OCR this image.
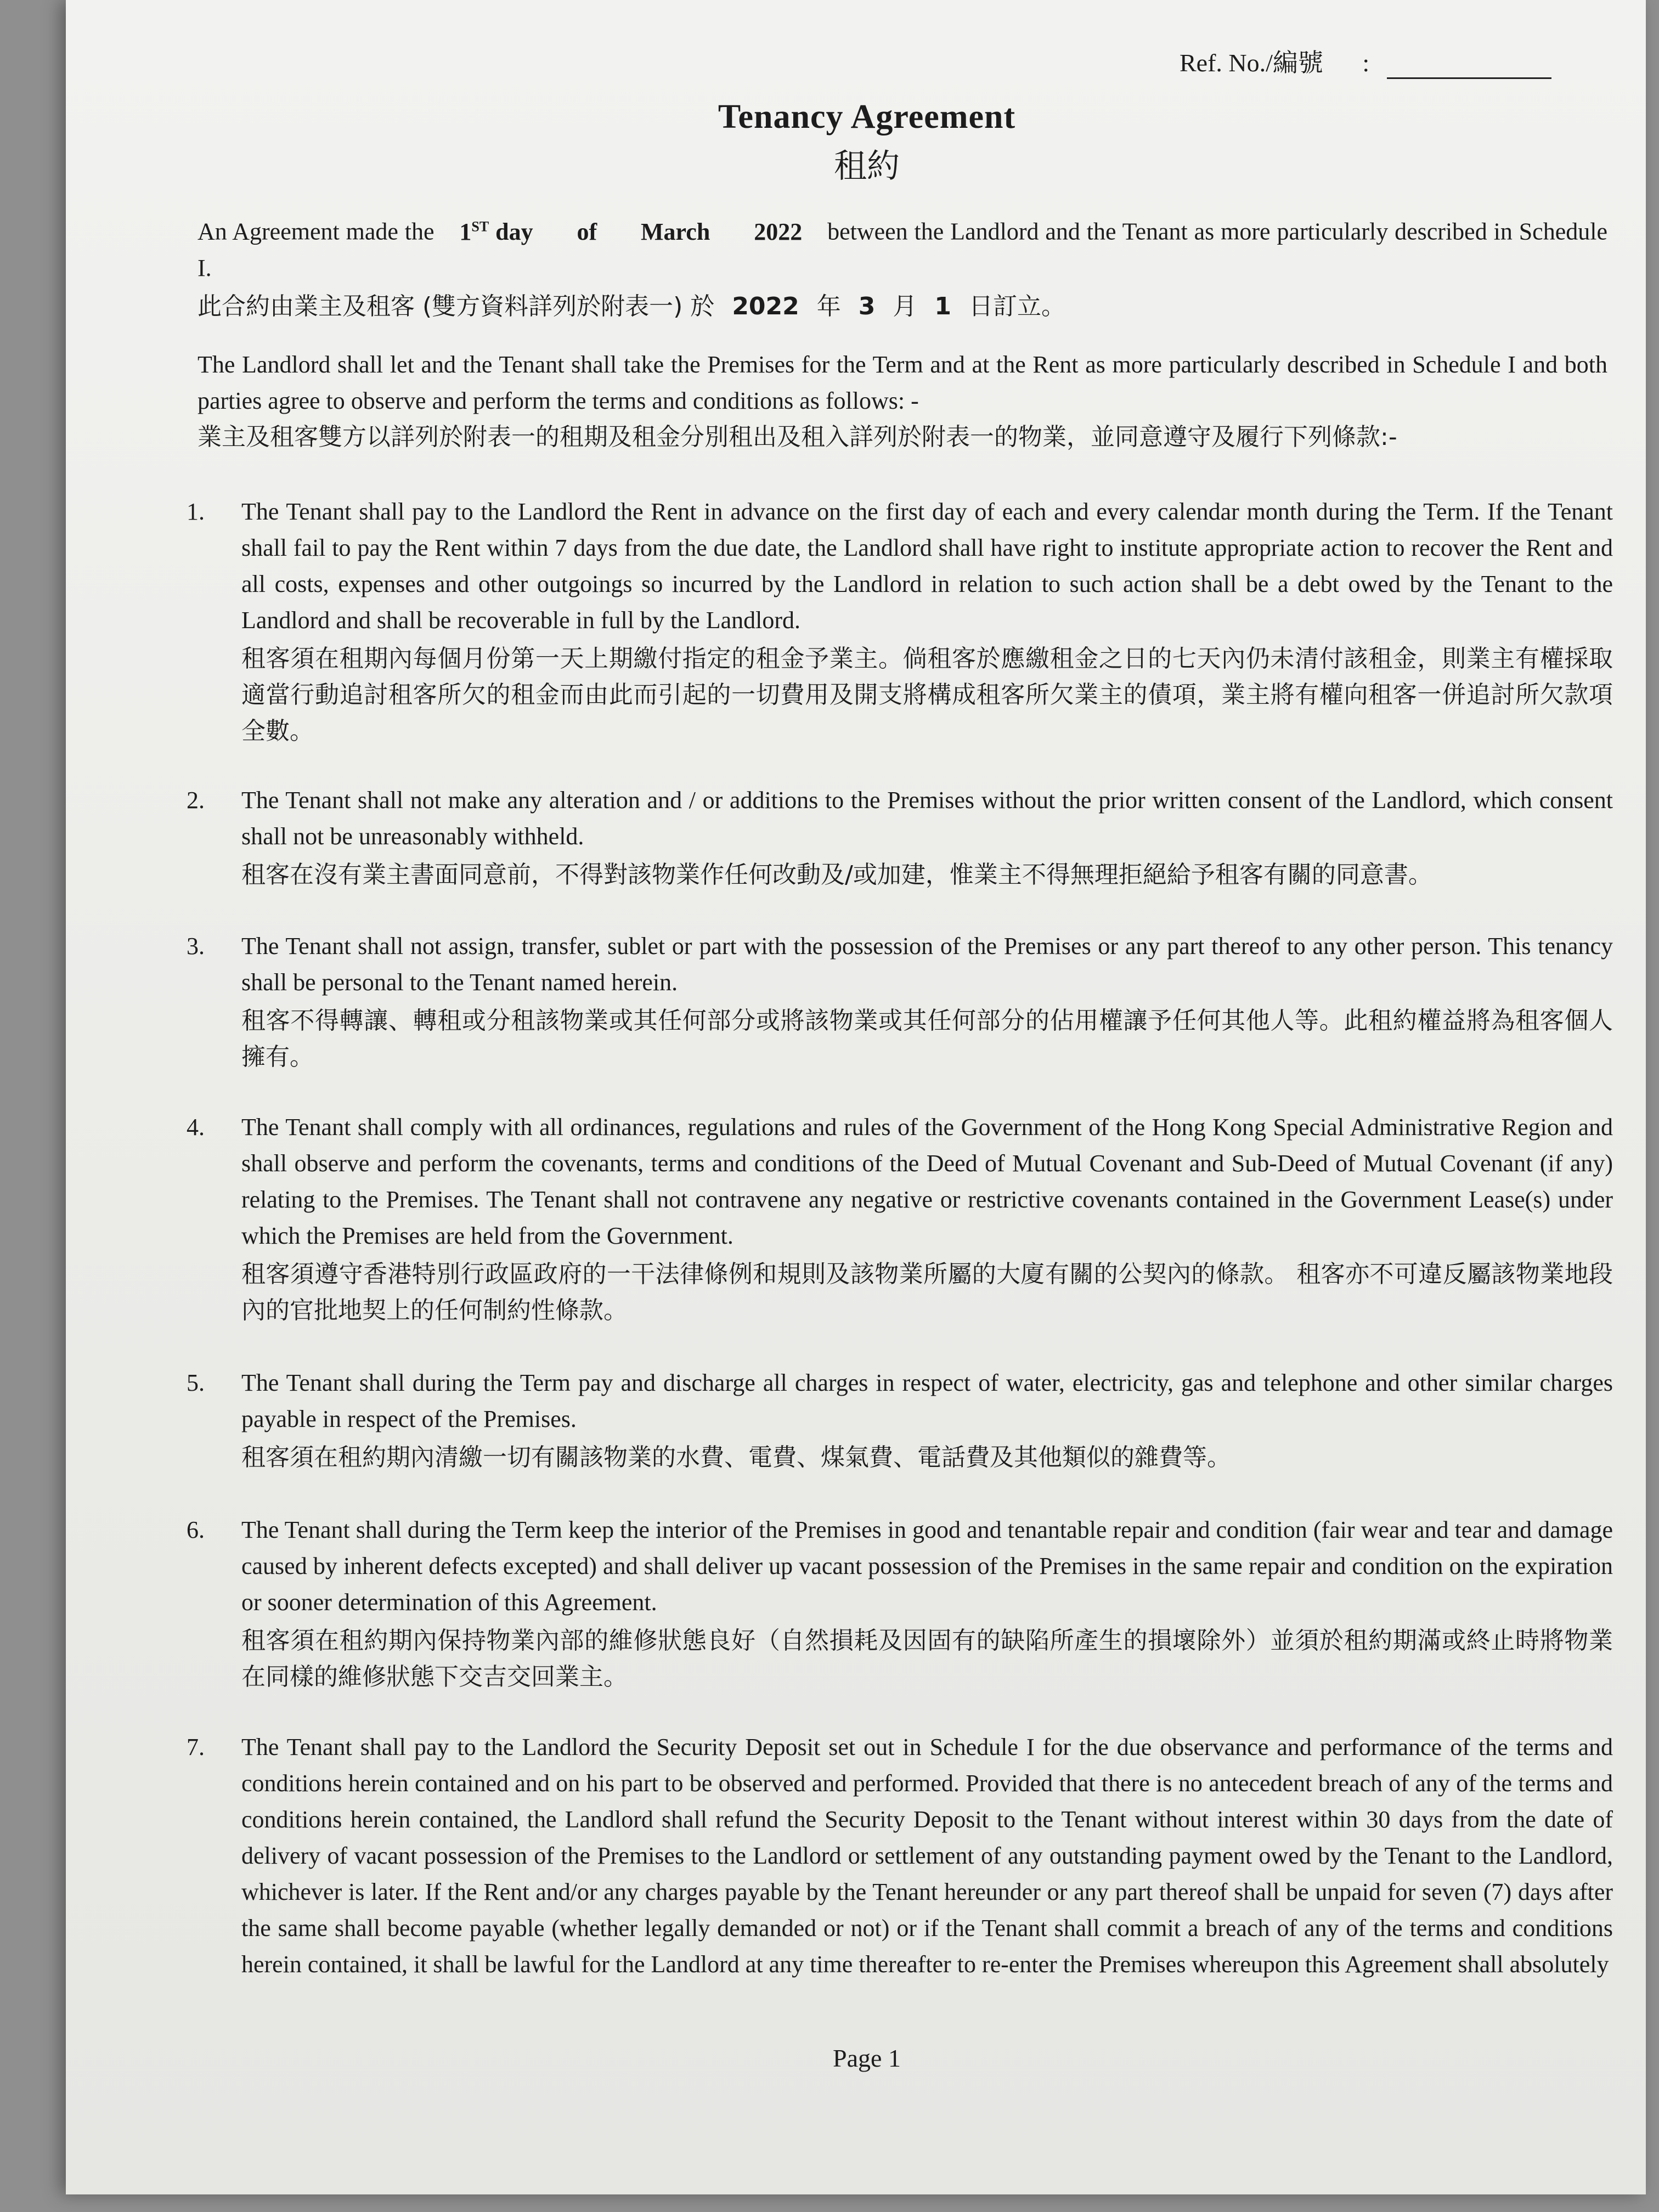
Ref. No./編號 :
Tenancy Agreement
租約
An Agreement made the 1ST day of March 2022 between the Landlord and the Tenant as more particularly described in Schedule I.
此合約由業主及租客 (雙方資料詳列於附表一) 於 2022 年 3 月 1 日訂立。
The Landlord shall let and the Tenant shall take the Premises for the Term and at the Rent as more particularly described in Schedule I and both parties agree to observe and perform the terms and conditions as follows: -
業主及租客雙方以詳列於附表一的租期及租金分別租出及租入詳列於附表一的物業，並同意遵守及履行下列條款:-
1.	The Tenant shall pay to the Landlord the Rent in advance on the first day of each and every calendar month during the Term. If the Tenant shall fail to pay the Rent within 7 days from the due date, the Landlord shall have right to institute appropriate action to recover the Rent and all costs, expenses and other outgoings so incurred by the Landlord in relation to such action shall be a debt owed by the Tenant to the Landlord and shall be recoverable in full by the Landlord.
租客須在租期內每個月份第一天上期繳付指定的租金予業主。倘租客於應繳租金之日的七天內仍未清付該租金，則業主有權採取適當行動追討租客所欠的租金而由此而引起的一切費用及開支將構成租客所欠業主的債項，業主將有權向租客一併追討所欠款項全數。
2.	The Tenant shall not make any alteration and / or additions to the Premises without the prior written consent of the Landlord, which consent shall not be unreasonably withheld.
租客在沒有業主書面同意前，不得對該物業作任何改動及/或加建，惟業主不得無理拒絕給予租客有關的同意書。
3.	The Tenant shall not assign, transfer, sublet or part with the possession of the Premises or any part thereof to any other person. This tenancy shall be personal to the Tenant named herein.
租客不得轉讓、轉租或分租該物業或其任何部分或將該物業或其任何部分的佔用權讓予任何其他人等。此租約權益將為租客個人擁有。
4.	The Tenant shall comply with all ordinances, regulations and rules of the Government of the Hong Kong Special Administrative Region and shall observe and perform the covenants, terms and conditions of the Deed of Mutual Covenant and Sub-Deed of Mutual Covenant (if any) relating to the Premises. The Tenant shall not contravene any negative or restrictive covenants contained in the Government Lease(s) under which the Premises are held from the Government.
租客須遵守香港特別行政區政府的一干法律條例和規則及該物業所屬的大廈有關的公契內的條款。 租客亦不可違反屬該物業地段內的官批地契上的任何制約性條款。
5.	The Tenant shall during the Term pay and discharge all charges in respect of water, electricity, gas and telephone and other similar charges payable in respect of the Premises.
租客須在租約期內清繳一切有關該物業的水費、電費、煤氣費、電話費及其他類似的雜費等。
6.	The Tenant shall during the Term keep the interior of the Premises in good and tenantable repair and condition (fair wear and tear and damage caused by inherent defects excepted) and shall deliver up vacant possession of the Premises in the same repair and condition on the expiration or sooner determination of this Agreement.
租客須在租約期內保持物業內部的維修狀態良好（自然損耗及因固有的缺陷所產生的損壞除外）並須於租約期滿或終止時將物業在同樣的維修狀態下交吉交回業主。
7.	The Tenant shall pay to the Landlord the Security Deposit set out in Schedule I for the due observance and performance of the terms and conditions herein contained and on his part to be observed and performed. Provided that there is no antecedent breach of any of the terms and conditions herein contained, the Landlord shall refund the Security Deposit to the Tenant without interest within 30 days from the date of delivery of vacant possession of the Premises to the Landlord or settlement of any outstanding payment owed by the Tenant to the Landlord, whichever is later. If the Rent and/or any charges payable by the Tenant hereunder or any part thereof shall be unpaid for seven (7) days after the same shall become payable (whether legally demanded or not) or if the Tenant shall commit a breach of any of the terms and conditions herein contained, it shall be lawful for the Landlord at any time thereafter to re-enter the Premises whereupon this Agreement shall absolutely
Page 1
